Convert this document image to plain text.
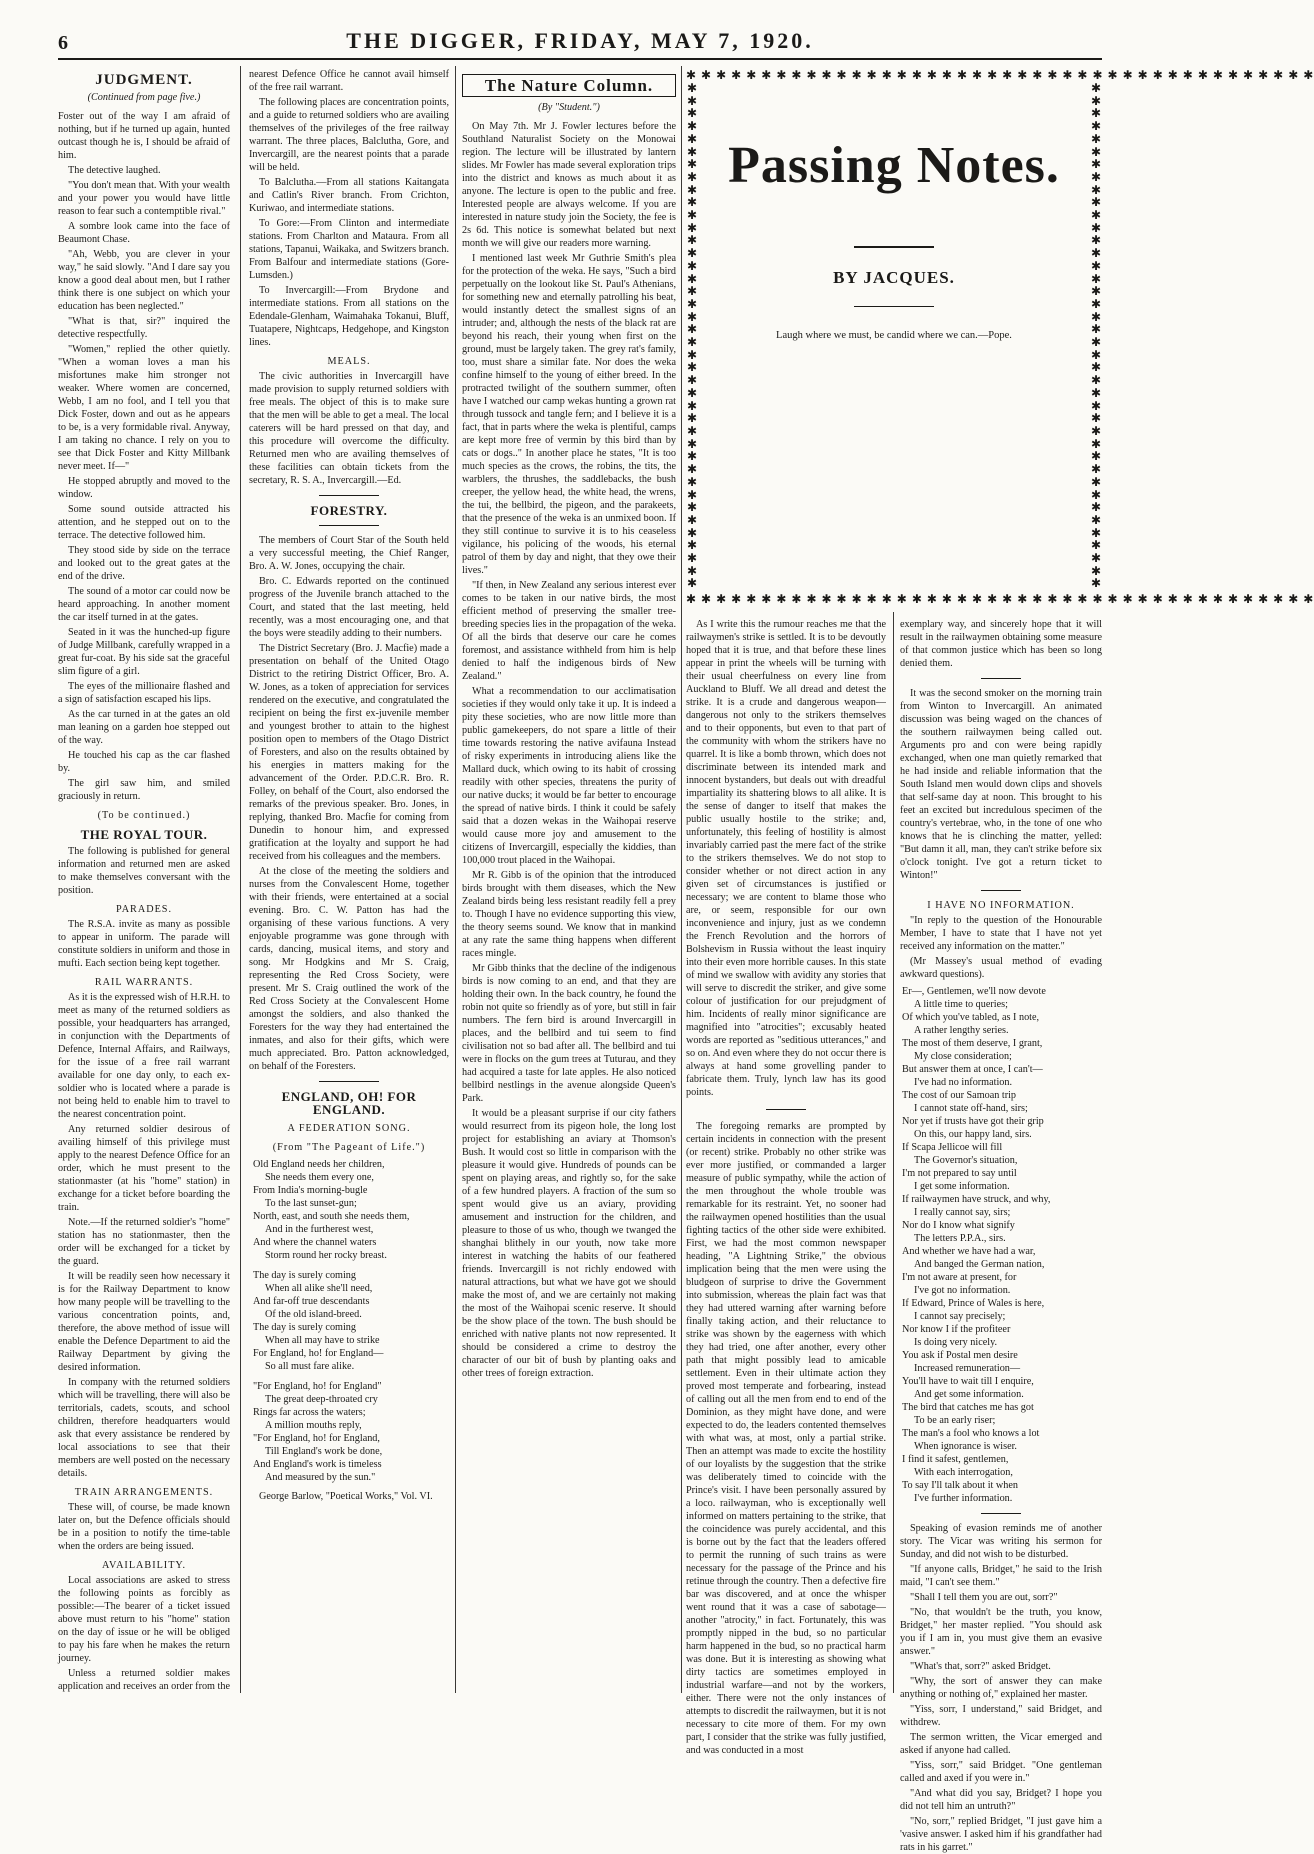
6	THE DIGGER, FRIDAY, MAY 7, 1920.
JUDGMENT.
(Continued from page five.)

Foster out of the way I am afraid of nothing, but if he turned up again, hunted outcast though he is, I should be afraid of him.

The detective laughed.

"You don't mean that. With your wealth and your power you would have little reason to fear such a contemptible rival."

A sombre look came into the face of Beaumont Chase.

"Ah, Webb, you are clever in your way," he said slowly. "And I dare say you know a good deal about men, but I rather think there is one subject on which your education has been neglected."

"What is that, sir?" inquired the detective respectfully.

"Women," replied the other quietly. "When a woman loves a man his misfortunes make him stronger not weaker. Where women are concerned, Webb, I am no fool, and I tell you that Dick Foster, down and out as he appears to be, is a very formidable rival. Anyway, I am taking no chance. I rely on you to see that Dick Foster and Kitty Millbank never meet. If—"

He stopped abruptly and moved to the window.

Some sound outside attracted his attention, and he stepped out on to the terrace. The detective followed him.

They stood side by side on the terrace and looked out to the great gates at the end of the drive.

The sound of a motor car could now be heard approaching. In another moment the car itself turned in at the gates.

Seated in it was the hunched-up figure of Judge Millbank, carefully wrapped in a great fur-coat. By his side sat the graceful slim figure of a girl.

The eyes of the millionaire flashed and a sign of satisfaction escaped his lips.

As the car turned in at the gates an old man leaning on a garden hoe stepped out of the way.

He touched his cap as the car flashed by.

The girl saw him, and smiled graciously in return.

(To be continued.)
THE ROYAL TOUR.

The following is published for general information and returned men are asked to make themselves conversant with the position.

PARADES.

The R.S.A. invite as many as possible to appear in uniform. The parade will constitute soldiers in uniform and those in mufti. Each section being kept together.

RAIL WARRANTS.

As it is the expressed wish of H.R.H. to meet as many of the returned soldiers as possible, your headquarters has arranged, in conjunction with the Departments of Defence, Internal Affairs, and Railways, for the issue of a free rail warrant available for one day only, to each ex-soldier who is located where a parade is not being held to enable him to travel to the nearest concentration point.

Any returned soldier desirous of availing himself of this privilege must apply to the nearest Defence Office for an order, which he must present to the stationmaster (at his "home" station) in exchange for a ticket before boarding the train.

Note.—If the returned soldier's "home" station has no stationmaster, then the order will be exchanged for a ticket by the guard.

It will be readily seen how necessary it is for the Railway Department to know how many people will be travelling to the various concentration points, and, therefore, the above method of issue will enable the Defence Department to aid the Railway Department by giving the desired information.

In company with the returned soldiers which will be travelling, there will also be territorials, cadets, scouts, and school children, therefore headquarters would ask that every assistance be rendered by local associations to see that their members are well posted on the necessary details.

TRAIN ARRANGEMENTS.

These will, of course, be made known later on, but the Defence officials should be in a position to notify the time-table when the orders are being issued.

AVAILABILITY.

Local associations are asked to stress the following points as forcibly as possible:—The bearer of a ticket issued above must return to his "home" station on the day of issue or he will be obliged to pay his fare when he makes the return journey.

Unless a returned soldier makes application and receives an order from the

nearest Defence Office he cannot avail himself of the free rail warrant.

The following places are concentration points, and a guide to returned soldiers who are availing themselves of the privileges of the free railway warrant. The three places, Balclutha, Gore, and Invercargill, are the nearest points that a parade will be held.

To Balclutha.—From all stations Kaitangata and Catlin's River branch. From Crichton, Kuriwao, and intermediate stations.

To Gore:—From Clinton and intermediate stations. From Charlton and Mataura. From all stations, Tapanui, Waikaka, and Switzers branch. From Balfour and intermediate stations (Gore-Lumsden.)

To Invercargill:—From Brydone and intermediate stations. From all stations on the Edendale-Glenham, Waimahaka Tokanui, Bluff, Tuatapere, Nightcaps, Hedgehope, and Kingston lines.

MEALS.

The civic authorities in Invercargill have made provision to supply returned soldiers with free meals. The object of this is to make sure that the men will be able to get a meal. The local caterers will be hard pressed on that day, and this procedure will overcome the difficulty. Returned men who are availing themselves of these facilities can obtain tickets from the secretary, R. S. A., Invercargill.—Ed.

FORESTRY.

The members of Court Star of the South held a very successful meeting, the Chief Ranger, Bro. A. W. Jones, occupying the chair.

Bro. C. Edwards reported on the continued progress of the Juvenile branch attached to the Court, and stated that the last meeting, held recently, was a most encouraging one, and that the boys were steadily adding to their numbers.

The District Secretary (Bro. J. Macfie) made a presentation on behalf of the United Otago District to the retiring District Officer, Bro. A. W. Jones, as a token of appreciation for services rendered on the executive, and congratulated the recipient on being the first ex-juvenile member and youngest brother to attain to the highest position open to members of the Otago District of Foresters, and also on the results obtained by his energies in matters making for the advancement of the Order. P.D.C.R. Bro. R. Folley, on behalf of the Court, also endorsed the remarks of the previous speaker. Bro. Jones, in replying, thanked Bro. Macfie for coming from Dunedin to honour him, and expressed gratification at the loyalty and support he had received from his colleagues and the members.

At the close of the meeting the soldiers and nurses from the Convalescent Home, together with their friends, were entertained at a social evening. Bro. C. W. Patton has had the organising of these various functions. A very enjoyable programme was gone through with cards, dancing, musical items, and story and song. Mr Hodgkins and Mr S. Craig, representing the Red Cross Society, were present. Mr S. Craig outlined the work of the Red Cross Society at the Convalescent Home amongst the soldiers, and also thanked the Foresters for the way they had entertained the inmates, and also for their gifts, which were much appreciated. Bro. Patton acknowledged, on behalf of the Foresters.

ENGLAND, OH! FOR ENGLAND.
A FEDERATION SONG.
(From "The Pageant of Life.")

Old England needs her children,

She needs them every one,

From India's morning-bugle

To the last sunset-gun;

North, east, and south she needs them,

And in the furtherest west,

And where the channel waters

Storm round her rocky breast.

The day is surely coming

When all alike she'll need,

And far-off true descendants

Of the old island-breed.

The day is surely coming

When all may have to strike

For England, ho! for England—

So all must fare alike.

"For England, ho! for England"

The great deep-throated cry

Rings far across the waters;

A million mouths reply,

"For England, ho! for England,

Till England's work be done,

And England's work is timeless

And measured by the sun."

George Barlow, "Poetical Works," Vol. VI.

The Nature Column.
(By "Student.")

On May 7th. Mr J. Fowler lectures before the Southland Naturalist Society on the Monowai region. The lecture will be illustrated by lantern slides. Mr Fowler has made several exploration trips into the district and knows as much about it as anyone. The lecture is open to the public and free. Interested people are always welcome. If you are interested in nature study join the Society, the fee is 2s 6d. This notice is somewhat belated but next month we will give our readers more warning.

I mentioned last week Mr Guthrie Smith's plea for the protection of the weka. He says, "Such a bird perpetually on the lookout like St. Paul's Athenians, for something new and eternally patrolling his beat, would instantly detect the smallest signs of an intruder; and, although the nests of the black rat are beyond his reach, their young when first on the ground, must be largely taken. The grey rat's family, too, must share a similar fate. Nor does the weka confine himself to the young of either breed. In the protracted twilight of the southern summer, often have I watched our camp wekas hunting a grown rat through tussock and tangle fern; and I believe it is a fact, that in parts where the weka is plentiful, camps are kept more free of vermin by this bird than by cats or dogs.." In another place he states, "It is too much species as the crows, the robins, the tits, the warblers, the thrushes, the saddlebacks, the bush creeper, the yellow head, the white head, the wrens, the tui, the bellbird, the pigeon, and the parakeets, that the presence of the weka is an unmixed boon. If they still continue to survive it is to his ceaseless vigilance, his policing of the woods, his eternal patrol of them by day and night, that they owe their lives."

"If then, in New Zealand any serious interest ever comes to be taken in our native birds, the most efficient method of preserving the smaller tree-breeding species lies in the propagation of the weka. Of all the birds that deserve our care he comes foremost, and assistance withheld from him is help denied to half the indigenous birds of New Zealand."

What a recommendation to our acclimatisation societies if they would only take it up. It is indeed a pity these societies, who are now little more than public gamekeepers, do not spare a little of their time towards restoring the native avifauna Instead of risky experiments in introducing aliens like the Mallard duck, which owing to its habit of crossing readily with other species, threatens the purity of our native ducks; it would be far better to encourage the spread of native birds. I think it could be safely said that a dozen wekas in the Waihopai reserve would cause more joy and amusement to the citizens of Invercargill, especially the kiddies, than 100,000 trout placed in the Waihopai.

Mr R. Gibb is of the opinion that the introduced birds brought with them diseases, which the New Zealand birds being less resistant readily fell a prey to. Though I have no evidence supporting this view, the theory seems sound. We know that in mankind at any rate the same thing happens when different races mingle.

Mr Gibb thinks that the decline of the indigenous birds is now coming to an end, and that they are holding their own. In the back country, he found the robin not quite so friendly as of yore, but still in fair numbers. The fern bird is around Invercargill in places, and the bellbird and tui seem to find civilisation not so bad after all. The bellbird and tui were in flocks on the gum trees at Tuturau, and they had acquired a taste for late apples. He also noticed bellbird nestlings in the avenue alongside Queen's Park.

It would be a pleasant surprise if our city fathers would resurrect from its pigeon hole, the long lost project for establishing an aviary at Thomson's Bush. It would cost so little in comparison with the pleasure it would give. Hundreds of pounds can be spent on playing areas, and rightly so, for the sake of a few hundred players. A fraction of the sum so spent would give us an aviary, providing amusement and instruction for the children, and pleasure to those of us who, though we twanged the shanghai blithely in our youth, now take more interest in watching the habits of our feathered friends. Invercargill is not richly endowed with natural attractions, but what we have got we should make the most of, and we are certainly not making the most of the Waihopai scenic reserve. It should be the show place of the town. The bush should be enriched with native plants not now represented. It should be considered a crime to destroy the character of our bit of bush by planting oaks and other trees of foreign extraction.

✱ ✱ ✱ ✱ ✱ ✱ ✱ ✱ ✱ ✱ ✱ ✱ ✱ ✱ ✱ ✱ ✱ ✱ ✱ ✱ ✱ ✱ ✱ ✱ ✱ ✱ ✱ ✱ ✱ ✱ ✱ ✱ ✱ ✱ ✱ ✱ ✱ ✱ ✱ ✱ ✱ ✱
✱ ✱ ✱ ✱ ✱ ✱ ✱ ✱ ✱ ✱ ✱ ✱ ✱ ✱ ✱ ✱ ✱ ✱ ✱ ✱ ✱ ✱ ✱ ✱ ✱ ✱ ✱ ✱ ✱ ✱ ✱ ✱ ✱ ✱ ✱ ✱ ✱ ✱ ✱ ✱ ✱ ✱
✱
✱
✱
✱
✱
✱
✱
✱
✱
✱
✱
✱
✱
✱
✱
✱
✱
✱
✱
✱
✱
✱
✱
✱
✱
✱
✱
✱
✱
✱
✱
✱
✱
✱
✱
✱
✱
✱
✱
✱
✱
✱
✱
✱
✱
✱
✱
✱
✱
✱
✱
✱
✱
✱
✱
✱
✱
✱
✱
✱
✱
✱
✱
✱
✱
✱
✱
✱
✱
✱
✱
✱
✱
✱
✱
✱
✱
✱
✱
✱
Passing Notes.
BY JACQUES.
Laugh where we must, be candid where we can.—Pope.

As I write this the rumour reaches me that the railwaymen's strike is settled. It is to be devoutly hoped that it is true, and that before these lines appear in print the wheels will be turning with their usual cheerfulness on every line from Auckland to Bluff. We all dread and detest the strike. It is a crude and dangerous weapon—dangerous not only to the strikers themselves and to their opponents, but even to that part of the community with whom the strikers have no quarrel. It is like a bomb thrown, which does not discriminate between its intended mark and innocent bystanders, but deals out with dreadful impartiality its shattering blows to all alike. It is the sense of danger to itself that makes the public usually hostile to the strike; and, unfortunately, this feeling of hostility is almost invariably carried past the mere fact of the strike to the strikers themselves. We do not stop to consider whether or not direct action in any given set of circumstances is justified or necessary; we are content to blame those who are, or seem, responsible for our own inconvenience and injury, just as we condemn the French Revolution and the horrors of Bolshevism in Russia without the least inquiry into their even more horrible causes. In this state of mind we swallow with avidity any stories that will serve to discredit the striker, and give some colour of justification for our prejudgment of him. Incidents of really minor significance are magnified into "atrocities"; excusably heated words are reported as "seditious utterances," and so on. And even where they do not occur there is always at hand some grovelling pander to fabricate them. Truly, lynch law has its good points.

The foregoing remarks are prompted by certain incidents in connection with the present (or recent) strike. Probably no other strike was ever more justified, or commanded a larger measure of public sympathy, while the action of the men throughout the whole trouble was remarkable for its restraint. Yet, no sooner had the railwaymen opened hostilities than the usual fighting tactics of the other side were exhibited. First, we had the most common newspaper heading, "A Lightning Strike," the obvious implication being that the men were using the bludgeon of surprise to drive the Government into submission, whereas the plain fact was that they had uttered warning after warning before finally taking action, and their reluctance to strike was shown by the eagerness with which they had tried, one after another, every other path that might possibly lead to amicable settlement. Even in their ultimate action they proved most temperate and forbearing, instead of calling out all the men from end to end of the Dominion, as they might have done, and were expected to do, the leaders contented themselves with what was, at most, only a partial strike. Then an attempt was made to excite the hostility of our loyalists by the suggestion that the strike was deliberately timed to coincide with the Prince's visit. I have been personally assured by a loco. railwayman, who is exceptionally well informed on matters pertaining to the strike, that the coincidence was purely accidental, and this is borne out by the fact that the leaders offered to permit the running of such trains as were necessary for the passage of the Prince and his retinue through the country. Then a defective fire bar was discovered, and at once the whisper went round that it was a case of sabotage— another "atrocity," in fact. Fortunately, this was promptly nipped in the bud, so no particular harm happened in the bud, so no practical harm was done. But it is interesting as showing what dirty tactics are sometimes employed in industrial warfare—and not by the workers, either. There were not the only instances of attempts to discredit the railwaymen, but it is not necessary to cite more of them. For my own part, I consider that the strike was fully justified, and was conducted in a most

exemplary way, and sincerely hope that it will result in the railwaymen obtaining some measure of that common justice which has been so long denied them.

It was the second smoker on the morning train from Winton to Invercargill. An animated discussion was being waged on the chances of the southern railwaymen being called out. Arguments pro and con were being rapidly exchanged, when one man quietly remarked that he had inside and reliable information that the South Island men would down clips and shovels that self-same day at noon. This brought to his feet an excited but incredulous specimen of the country's vertebrae, who, in the tone of one who knows that he is clinching the matter, yelled: "But damn it all, man, they can't strike before six o'clock tonight. I've got a return ticket to Winton!"

I HAVE NO INFORMATION.

"In reply to the question of the Honourable Member, I have to state that I have not yet received any information on the matter."

(Mr Massey's usual method of evading awkward questions).

Er—, Gentlemen, we'll now devote

A little time to queries;

Of which you've tabled, as I note,

A rather lengthy series.

The most of them deserve, I grant,

My close consideration;

But answer them at once, I can't—

I've had no information.

The cost of our Samoan trip

I cannot state off-hand, sirs;

Nor yet if trusts have got their grip

On this, our happy land, sirs.

If Scapa Jellicoe will fill

The Governor's situation,

I'm not prepared to say until

I get some information.

If railwaymen have struck, and why,

I really cannot say, sirs;

Nor do I know what signify

The letters P.P.A., sirs.

And whether we have had a war,

And banged the German nation,

I'm not aware at present, for

I've got no information.

If Edward, Prince of Wales is here,

I cannot say precisely;

Nor know I if the profiteer

Is doing very nicely.

You ask if Postal men desire

Increased remuneration—

You'll have to wait till I enquire,

And get some information.

The bird that catches me has got

To be an early riser;

The man's a fool who knows a lot

When ignorance is wiser.

I find it safest, gentlemen,

With each interrogation,

To say I'll talk about it when

I've further information.

Speaking of evasion reminds me of another story. The Vicar was writing his sermon for Sunday, and did not wish to be disturbed.

"If anyone calls, Bridget," he said to the Irish maid, "I can't see them."

"Shall I tell them you are out, sorr?"

"No, that wouldn't be the truth, you know, Bridget," her master replied. "You should ask you if I am in, you must give them an evasive answer."

"What's that, sorr?" asked Bridget.

"Why, the sort of answer they can make anything or nothing of," explained her master.

"Yiss, sorr, I understand," said Bridget, and withdrew.

The sermon written, the Vicar emerged and asked if anyone had called.

"Yiss, sorr," said Bridget. "One gentleman called and axed if you were in."

"And what did you say, Bridget? I hope you did not tell him an untruth?"

"No, sorr," replied Bridget, "I just gave him a 'vasive answer. I asked him if his grandfather had rats in his garret."
